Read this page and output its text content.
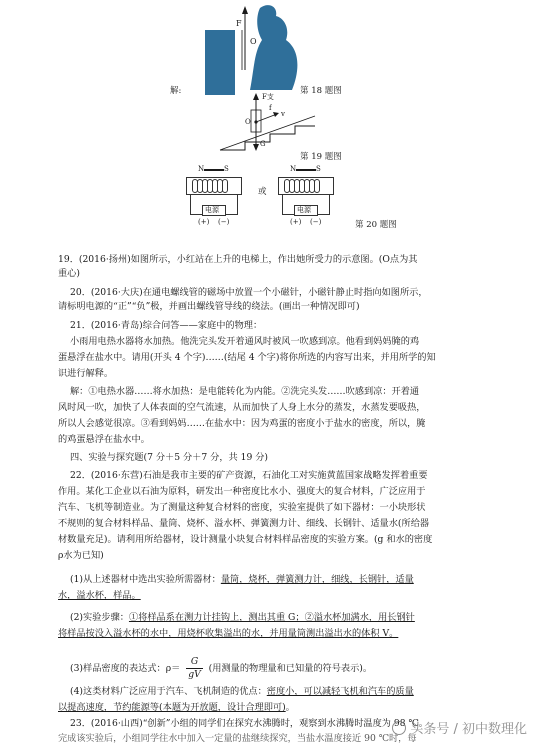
F
O
解:	第 18 题图
F支
f
v
O
G
第 19 题图
N	S
电源
(+) (−)
或
N	S
电源
(+) (−)	第 20 题图
19．(2016·扬州)如图所示，小红站在上升的电梯上，作出她所受力的示意图。(O点为其
重心)
20．(2016·大庆)在通电螺线管的磁场中放置一个小磁针，小磁针静止时指向如图所示，
请标明电源的“正”“负”极，并画出螺线管导线的绕法。(画出一种情况即可)
21．(2016·青岛)综合问答——家庭中的物理：
小雨用电热水器将水加热。他洗完头发开着通风时被风一吹感到凉。他看到妈妈腌的鸡
蛋悬浮在盐水中。请用(开头 4 个字)……(结尾 4 个字)将你所选的内容写出来，并用所学的知
识进行解释。
解：①电热水器……将水加热：是电能转化为内能。②洗完头发……吹感到凉：开着通
风时风一吹，加快了人体表面的空气流速，从而加快了人身上水分的蒸发，水蒸发要吸热，
所以人会感觉很凉。③看到妈妈……在盐水中：因为鸡蛋的密度小于盐水的密度，所以，腌
的鸡蛋悬浮在盐水中。
四、实验与探究题(7 分＋5 分＋7 分，共 19 分)
22．(2016·东营)石油是我市主要的矿产资源，石油化工对实施黄蓝国家战略发挥着重要
作用。某化工企业以石油为原料，研发出一种密度比水小、强度大的复合材料，广泛应用于
汽车、飞机等制造业。为了测量这种复合材料的密度，实验室提供了如下器材：一小块形状
不规则的复合材料样品、量筒、烧杯、溢水杯、弹簧测力计、细线、长钢针、适量水(所给器
材数量充足)。请利用所给器材，设计测量小块复合材料样品密度的实验方案。(g 和水的密度
ρ水为已知)
(1)从上述器材中选出实验所需器材：量筒，烧杯，弹簧测力计，细线，长钢针，适量
水，溢水杯，样品。
(2)实验步骤：①将样品系在测力计挂钩上，测出其重 G；②溢水杯加满水，用长钢针
将样品按没入溢水杯的水中，用烧杯收集溢出的水，并用量筒测出溢出水的体积 V。
(3)样品密度的表达式：$\rho= \frac{G}{gV}$ (用测量的物理量和已知量的符号表示)。
(4)这类材料广泛应用于汽车、飞机制造的优点：密度小，可以减轻飞机和汽车的质量
以提高速度，节约能源等(本题为开放题，设计合理即可)。
23．(2016·山西)“创新”小组的同学们在探究水沸腾时，观察到水沸腾时温度为 98 ℃。
完成该实验后，小组同学往水中加入一定量的盐继续探究，当盐水温度接近 90 ℃时，每
头条号 / 初中数理化
